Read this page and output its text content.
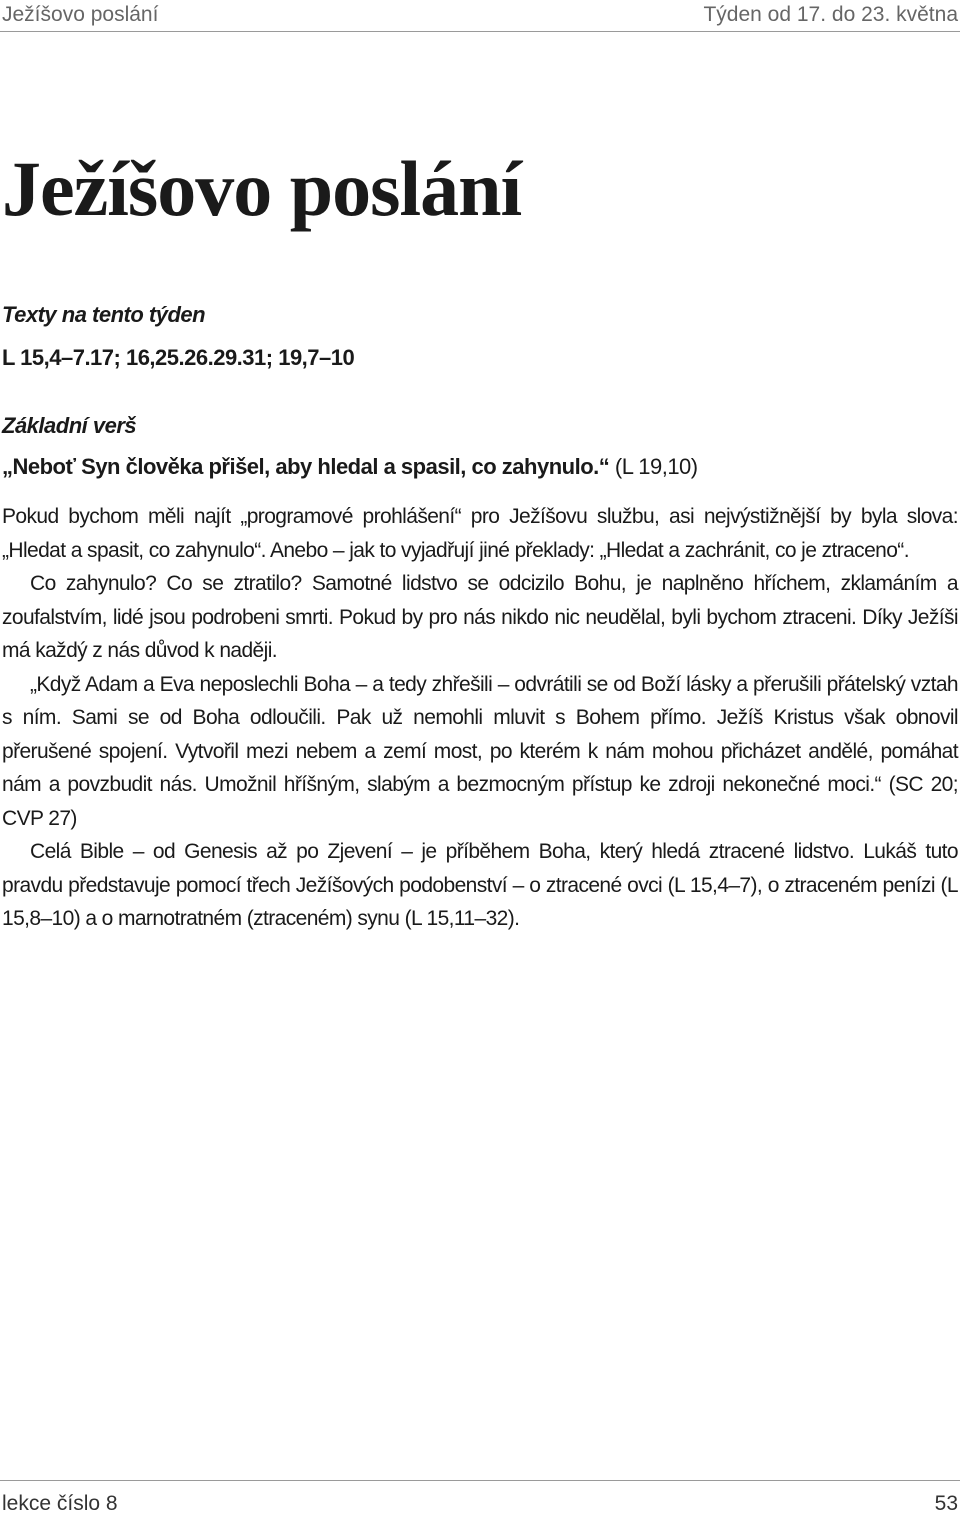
Ježíšovo poslání	Týden od 17. do 23. května
Ježíšovo poslání

Texty na tento týden

L 15,4–7.17; 16,25.26.29.31; 19,7–10

Základní verš

„Neboť Syn člověka přišel, aby hledal a spasil, co zahynulo.“ (L 19,10)

Pokud bychom měli najít „programové prohlášení“ pro Ježíšovu službu, asi nejvýstižnější by byla slova: „Hledat a spasit, co zahynulo“. Anebo – jak to vyjadřují jiné překlady: „Hledat a zachránit, co je ztraceno“.

Co zahynulo? Co se ztratilo? Samotné lidstvo se odcizilo Bohu, je naplněno hříchem, zklamáním a zoufalstvím, lidé jsou podrobeni smrti. Pokud by pro nás nikdo nic neudělal, byli bychom ztraceni. Díky Ježíši má každý z nás důvod k naději.

„Když Adam a Eva neposlechli Boha – a tedy zhřešili – odvrátili se od Boží lásky a přerušili přátelský vztah s ním. Sami se od Boha odloučili. Pak už nemohli mluvit s Bohem přímo. Ježíš Kristus však obnovil přerušené spojení. Vytvořil mezi nebem a zemí most, po kterém k nám mohou přicházet andělé, pomáhat nám a povzbudit nás. Umožnil hříšným, slabým a bezmocným přístup ke zdroji nekonečné moci.“ (SC 20; CVP 27)

Celá Bible – od Genesis až po Zjevení – je příběhem Boha, který hledá ztracené lidstvo. Lukáš tuto pravdu představuje pomocí třech Ježíšových podobenství – o ztracené ovci (L 15,4–7), o ztraceném penízi (L 15,8–10) a o marnotratném (ztraceném) synu (L 15,11–32).

lekce číslo 8	53
